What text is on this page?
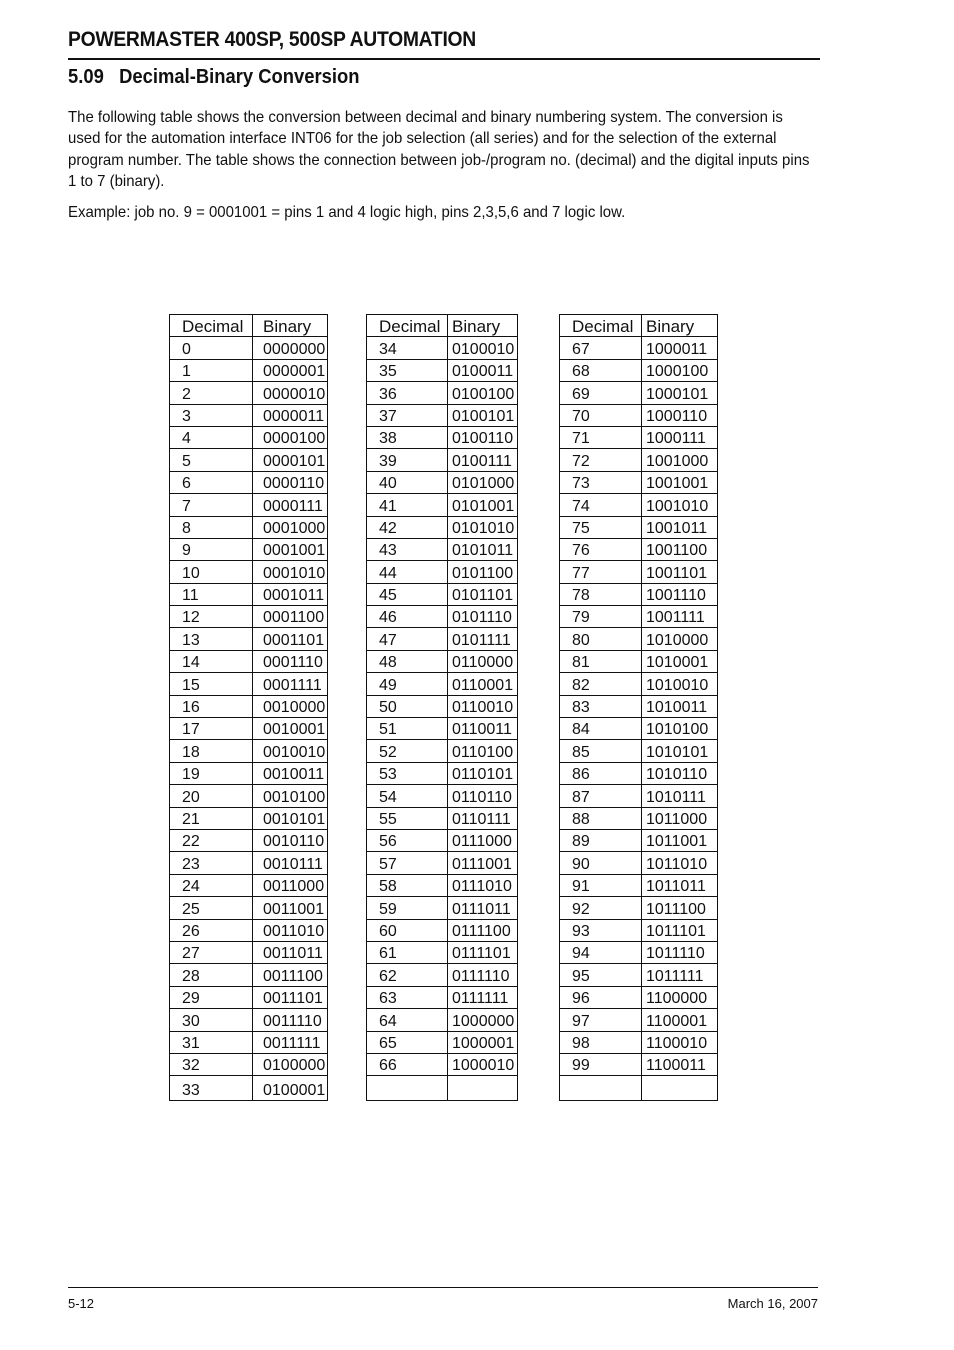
POWERMASTER 400SP, 500SP AUTOMATION
5.09   Decimal-Binary Conversion

The following table shows the conversion between decimal and binary numbering system. The conversion is used for the automation interface INT06 for the job selection (all series) and for the selection of the external program number. The table shows the connection between job-/program no. (decimal) and the digital inputs pins 1 to 7 (binary).

Example: job no. 9 = 0001001 = pins 1 and 4 logic high, pins 2,3,5,6 and 7 logic low.

Decimal	Binary
0	0000000
1	0000001
2	0000010
3	0000011
4	0000100
5	0000101
6	0000110
7	0000111
8	0001000
9	0001001
10	0001010
11	0001011
12	0001100
13	0001101
14	0001110
15	0001111
16	0010000
17	0010001
18	0010010
19	0010011
20	0010100
21	0010101
22	0010110
23	0010111
24	0011000
25	0011001
26	0011010
27	0011011
28	0011100
29	0011101
30	0011110
31	0011111
32	0100000
33	0100001
Decimal	Binary
34	0100010
35	0100011
36	0100100
37	0100101
38	0100110
39	0100111
40	0101000
41	0101001
42	0101010
43	0101011
44	0101100
45	0101101
46	0101110
47	0101111
48	0110000
49	0110001
50	0110010
51	0110011
52	0110100
53	0110101
54	0110110
55	0110111
56	0111000
57	0111001
58	0111010
59	0111011
60	0111100
61	0111101
62	0111110
63	0111111
64	1000000
65	1000001
66	1000010

Decimal	Binary
67	1000011
68	1000100
69	1000101
70	1000110
71	1000111
72	1001000
73	1001001
74	1001010
75	1001011
76	1001100
77	1001101
78	1001110
79	1001111
80	1010000
81	1010001
82	1010010
83	1010011
84	1010100
85	1010101
86	1010110
87	1010111
88	1011000
89	1011001
90	1011010
91	1011011
92	1011100
93	1011101
94	1011110
95	1011111
96	1100000
97	1100001
98	1100010
99	1100011

5-12	March 16, 2007
